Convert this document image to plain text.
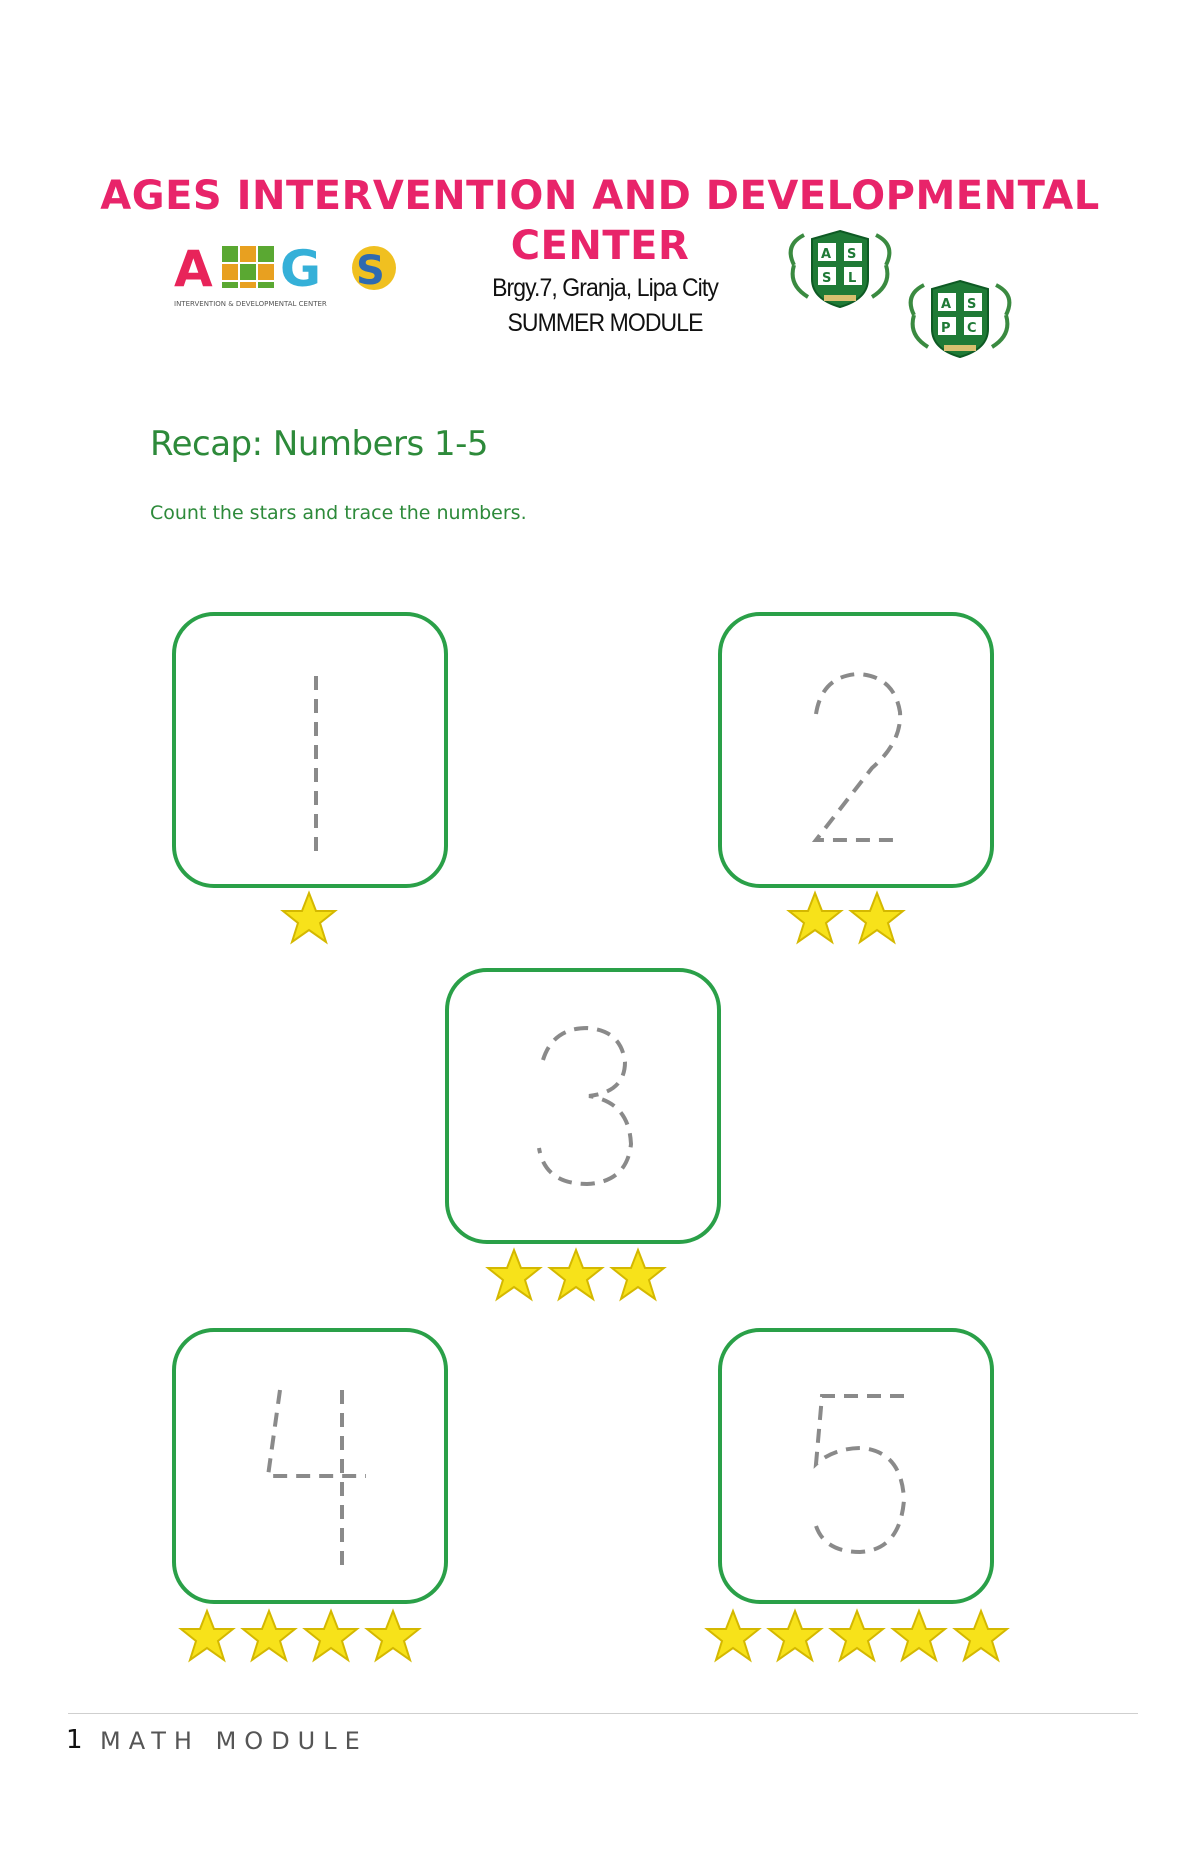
AGES INTERVENTION AND DEVELOPMENTAL
CENTER
Brgy.7, Granja, Lipa City
SUMMER MODULE
A G S
INTERVENTION & DEVELOPMENTAL CENTER
A S
S L
A S
P C
Recap: Numbers 1-5
Count the stars and trace the numbers.
1 MATH MODULE
